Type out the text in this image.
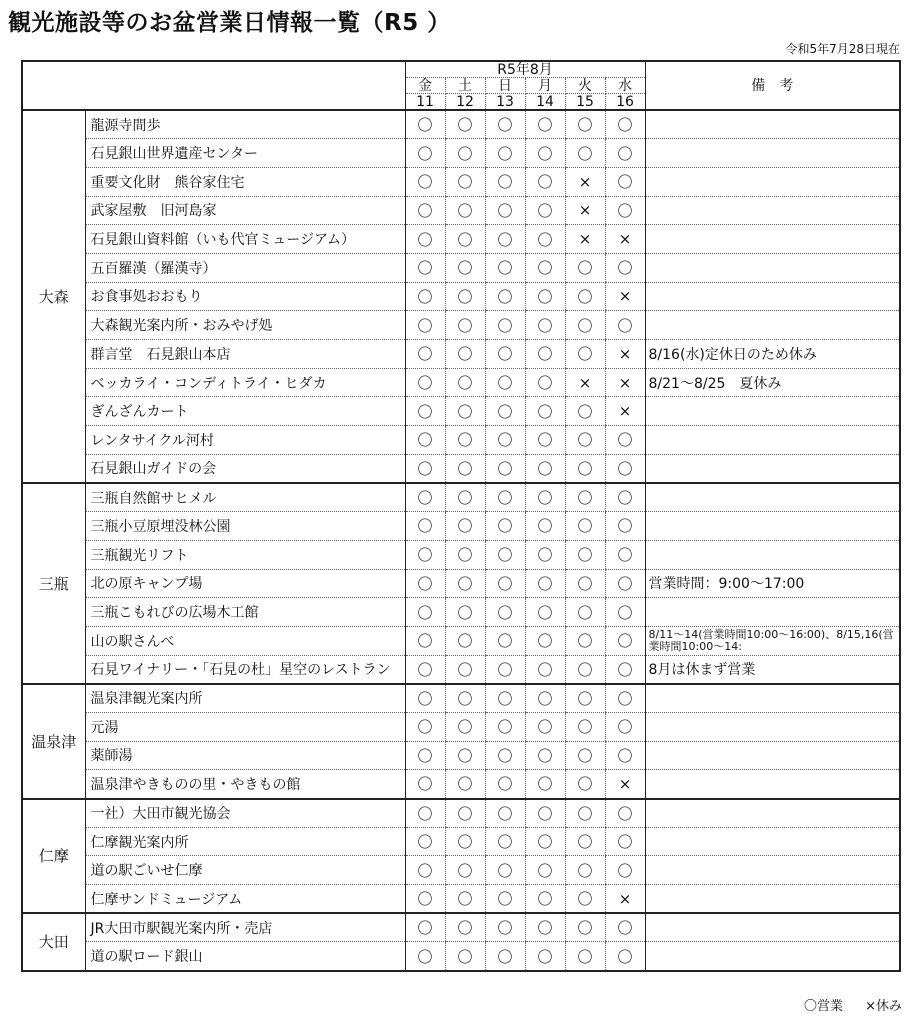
観光施設等のお盆営業日情報一覧（R5 ）
令和5年7月28日現在
		R5年8月						備　考
		金	土	日	月	火	水	
		11	12	13	14	15	16	
大森	龍源寺間歩	〇	〇	〇	〇	〇	〇	
	石見銀山世界遺産センター	〇	〇	〇	〇	〇	〇	
	重要文化財　熊谷家住宅	〇	〇	〇	〇	×	〇	
	武家屋敷　旧河島家	〇	〇	〇	〇	×	〇	
	石見銀山資料館（いも代官ミュージアム）	〇	〇	〇	〇	×	×	
	五百羅漢（羅漢寺）	〇	〇	〇	〇	〇	〇	
	お食事処おおもり	〇	〇	〇	〇	〇	×	
	大森観光案内所・おみやげ処	〇	〇	〇	〇	〇	〇	
	群言堂　石見銀山本店	〇	〇	〇	〇	〇	×	8/16(水)定休日のため休み
	ベッカライ・コンディトライ・ヒダカ	〇	〇	〇	〇	×	×	8/21～8/25　夏休み
	ぎんざんカート	〇	〇	〇	〇	〇	×	
	レンタサイクル河村	〇	〇	〇	〇	〇	〇	
	石見銀山ガイドの会	〇	〇	〇	〇	〇	〇	
三瓶	三瓶自然館サヒメル	〇	〇	〇	〇	〇	〇	
	三瓶小豆原埋没林公園	〇	〇	〇	〇	〇	〇	
	三瓶観光リフト	〇	〇	〇	〇	〇	〇	
	北の原キャンプ場	〇	〇	〇	〇	〇	〇	営業時間：9:00～17:00
	三瓶こもれびの広場木工館	〇	〇	〇	〇	〇	〇	
	山の駅さんべ	〇	〇	〇	〇	〇	〇	8/11～14(営業時間10:00～16:00)、8/15,16(営業時間10:00～14:
	石見ワイナリー・「石見の杜」星空のレストラン	〇	〇	〇	〇	〇	〇	8月は休まず営業
温泉津	温泉津観光案内所	〇	〇	〇	〇	〇	〇	
	元湯	〇	〇	〇	〇	〇	〇	
	薬師湯	〇	〇	〇	〇	〇	〇	
	温泉津やきものの里・やきもの館	〇	〇	〇	〇	〇	×	
仁摩	一社）大田市観光協会	〇	〇	〇	〇	〇	〇	
	仁摩観光案内所	〇	〇	〇	〇	〇	〇	
	道の駅ごいせ仁摩	〇	〇	〇	〇	〇	〇	
	仁摩サンドミュージアム	〇	〇	〇	〇	〇	×	
大田	JR大田市駅観光案内所・売店	〇	〇	〇	〇	〇	〇	
	道の駅ロード銀山	〇	〇	〇	〇	〇	〇	
〇営業 ×休み
